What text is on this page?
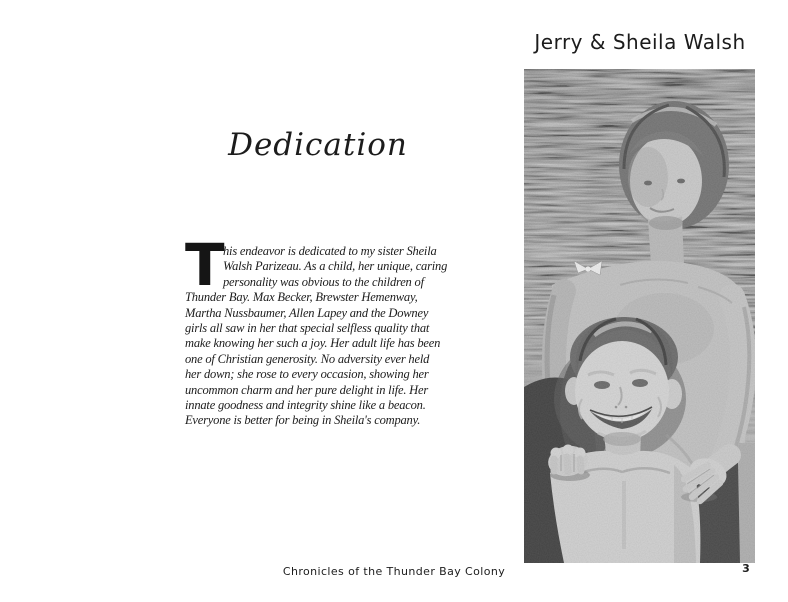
Dedication
T
his endeavor is dedicated to my sister Sheila
Walsh Parizeau. As a child, her unique, caring
personality was obvious to the children of
Thunder Bay. Max Becker, Brewster Hemenway,
Martha Nussbaumer, Allen Lapey and the Downey
girls all saw in her that special selfless quality that
make knowing her such a joy. Her adult life has been
one of Christian generosity. No adversity ever held
her down; she rose to every occasion, showing her
uncommon charm and her pure delight in life. Her
innate goodness and integrity shine like a beacon.
Everyone is better for being in Sheila's company.
Jerry & Sheila Walsh
Chronicles of the Thunder Bay Colony	3
